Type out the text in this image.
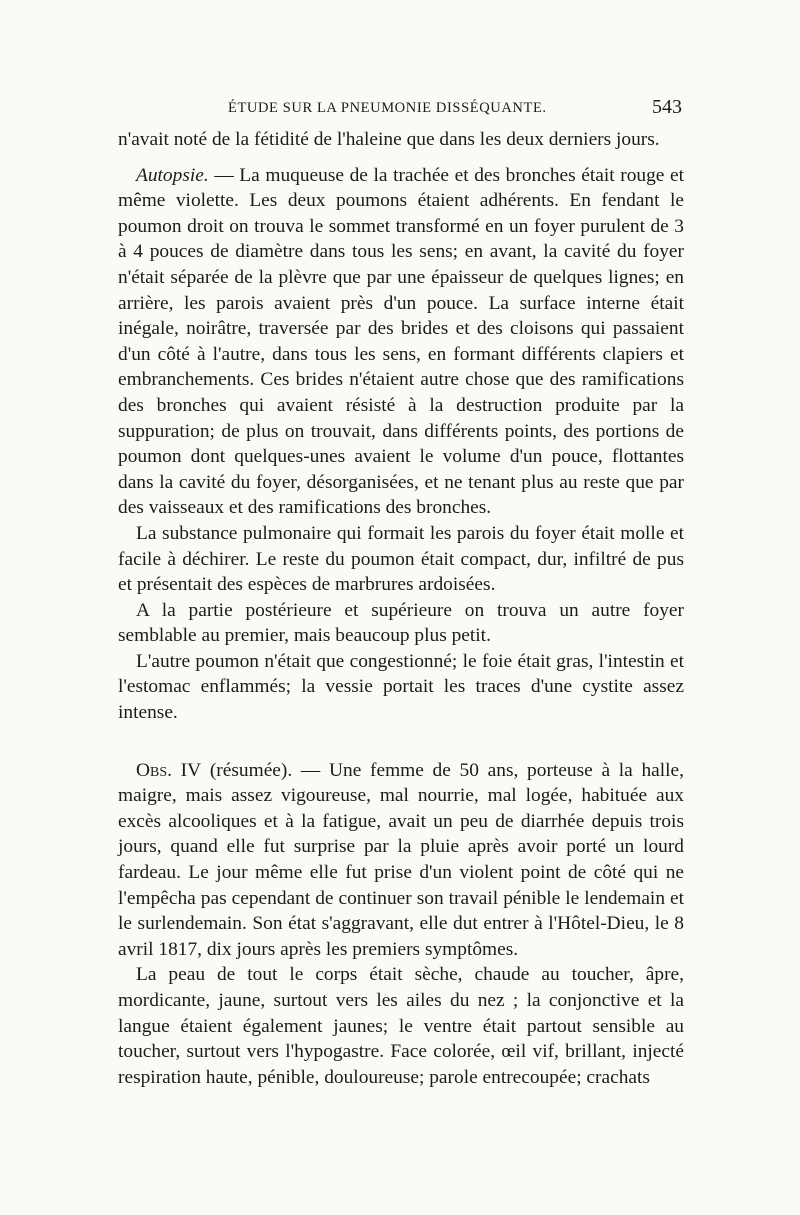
ÉTUDE SUR LA PNEUMONIE DISSÉQUANTE.	543

n'avait noté de la fétidité de l'haleine que dans les deux derniers jours.

Autopsie. — La muqueuse de la trachée et des bronches était rouge et même violette. Les deux poumons étaient adhérents. En fendant le poumon droit on trouva le sommet transformé en un foyer purulent de 3 à 4 pouces de diamètre dans tous les sens; en avant, la cavité du foyer n'était séparée de la plèvre que par une épaisseur de quelques lignes; en arrière, les parois avaient près d'un pouce. La surface interne était inégale, noirâtre, traversée par des brides et des cloisons qui passaient d'un côté à l'autre, dans tous les sens, en formant différents clapiers et embranchements. Ces brides n'étaient autre chose que des ramifications des bronches qui avaient résisté à la destruction produite par la suppuration; de plus on trouvait, dans différents points, des portions de poumon dont quelques-unes avaient le volume d'un pouce, flottantes dans la cavité du foyer, désorganisées, et ne tenant plus au reste que par des vaisseaux et des ramifications des bronches.

La substance pulmonaire qui formait les parois du foyer était molle et facile à déchirer. Le reste du poumon était compact, dur, infiltré de pus et présentait des espèces de marbrures ardoisées.

A la partie postérieure et supérieure on trouva un autre foyer semblable au premier, mais beaucoup plus petit.

L'autre poumon n'était que congestionné; le foie était gras, l'intestin et l'estomac enflammés; la vessie portait les traces d'une cystite assez intense.

Obs. IV (résumée). — Une femme de 50 ans, porteuse à la halle, maigre, mais assez vigoureuse, mal nourrie, mal logée, habituée aux excès alcooliques et à la fatigue, avait un peu de diarrhée depuis trois jours, quand elle fut surprise par la pluie après avoir porté un lourd fardeau. Le jour même elle fut prise d'un violent point de côté qui ne l'empêcha pas cependant de continuer son travail pénible le lendemain et le surlendemain. Son état s'aggravant, elle dut entrer à l'Hôtel-Dieu, le 8 avril 1817, dix jours après les premiers symptômes.

La peau de tout le corps était sèche, chaude au toucher, âpre, mordicante, jaune, surtout vers les ailes du nez ; la conjonctive et la langue étaient également jaunes; le ventre était partout sensible au toucher, surtout vers l'hypogastre. Face colorée, œil vif, brillant, injecté respiration haute, pénible, douloureuse; parole entrecoupée; crachats
